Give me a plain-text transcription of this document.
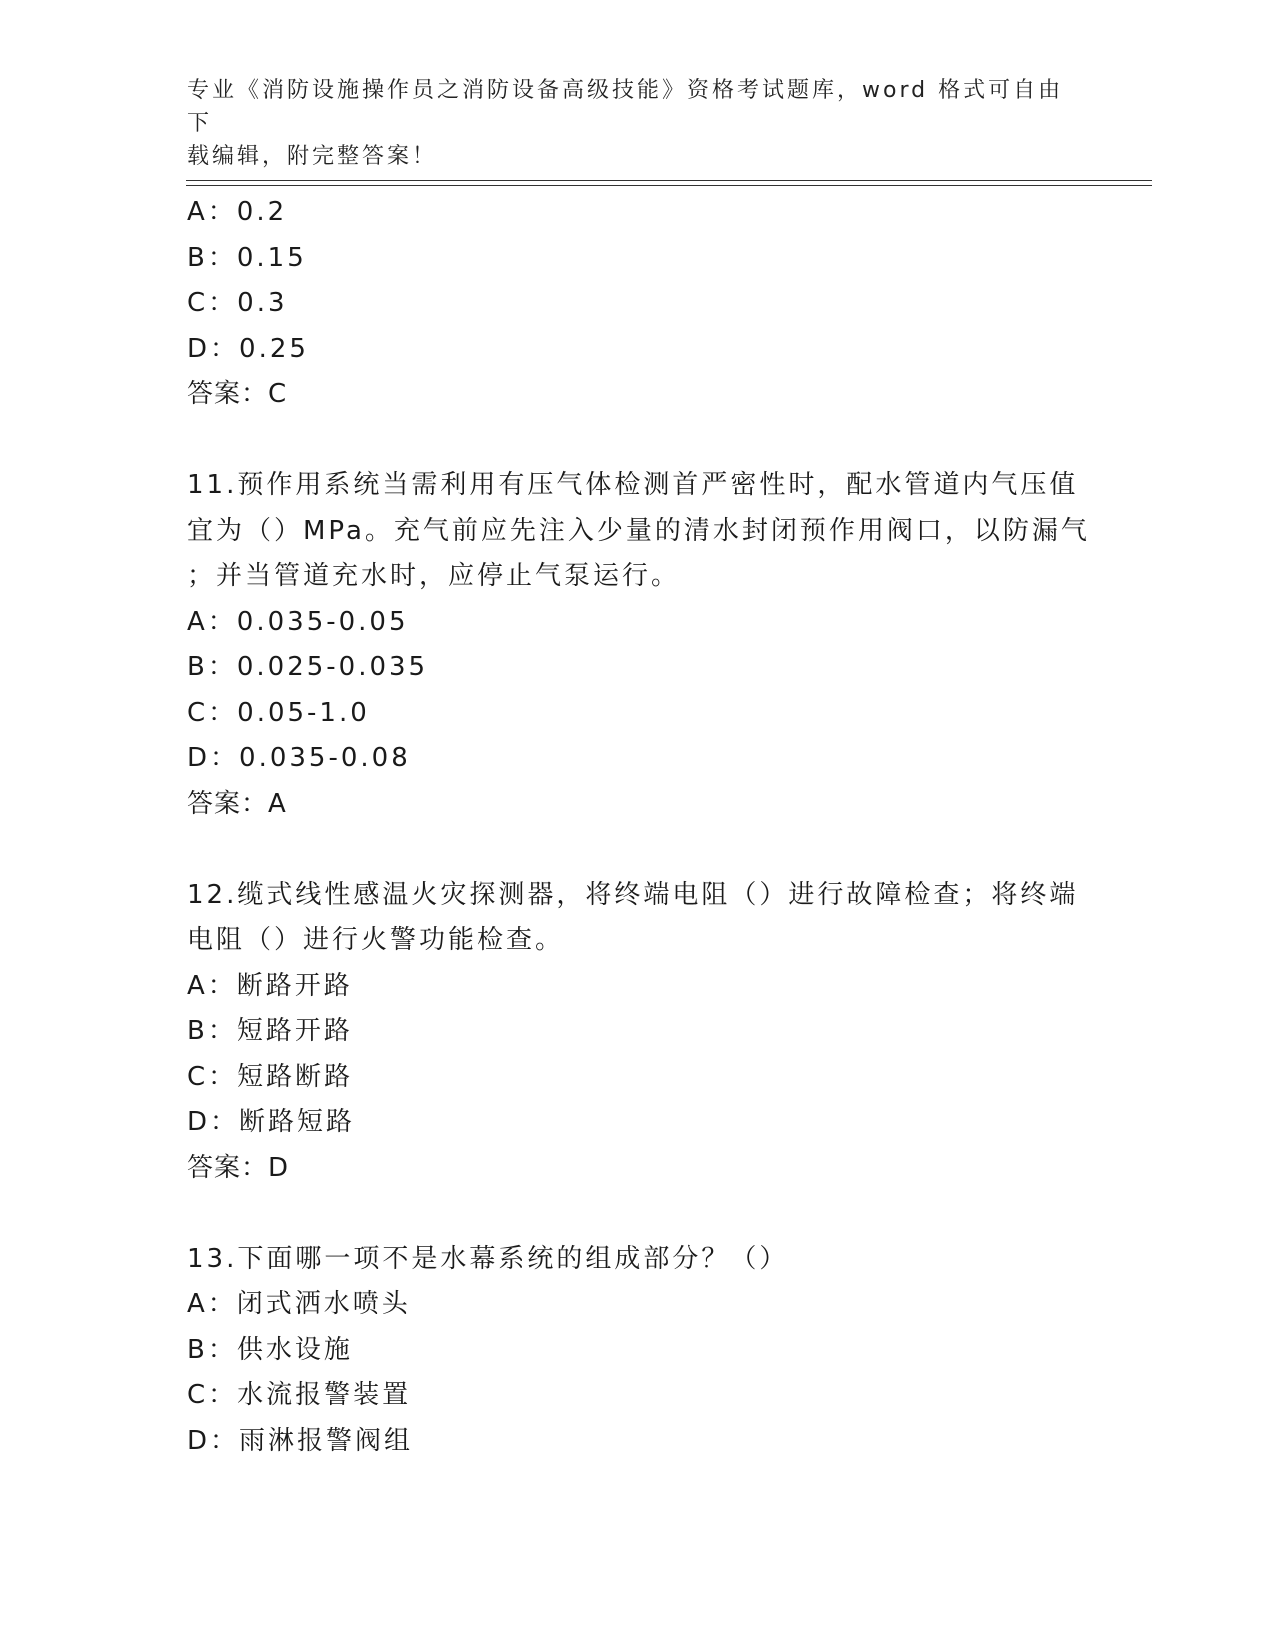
专业《消防设施操作员之消防设备高级技能》资格考试题库，word 格式可自由下
载编辑，附完整答案！
A：0.2
B：0.15
C：0.3
D：0.25
答案：C
11.预作用系统当需利用有压气体检测首严密性时，配水管道内气压值
宜为（）MPa。充气前应先注入少量的清水封闭预作用阀口，以防漏气
；并当管道充水时，应停止气泵运行。
A：0.035-0.05
B：0.025-0.035
C：0.05-1.0
D：0.035-0.08
答案：A
12.缆式线性感温火灾探测器，将终端电阻（）进行故障检查；将终端
电阻（）进行火警功能检查。
A：断路开路
B：短路开路
C：短路断路
D：断路短路
答案：D
13.下面哪一项不是水幕系统的组成部分？（）
A：闭式洒水喷头
B：供水设施
C：水流报警装置
D：雨淋报警阀组
